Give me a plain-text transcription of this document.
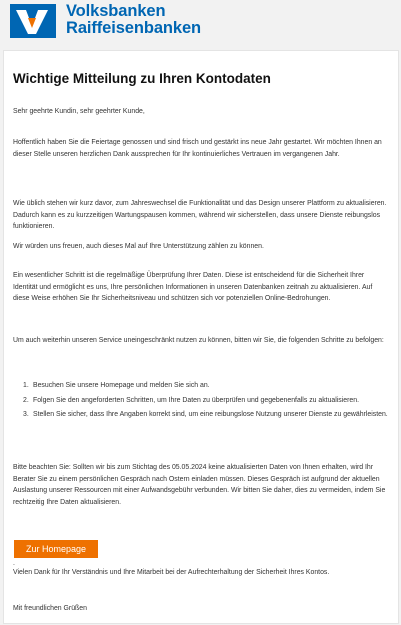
Volksbanken
Raiffeisenbanken
Wichtige Mitteilung zu Ihren Kontodaten

Sehr geehrte Kundin, sehr geehrter Kunde,

Hoffentlich haben Sie die Feiertage genossen und sind frisch und gestärkt ins neue Jahr gestartet. Wir möchten Ihnen an dieser Stelle unseren herzlichen Dank aussprechen für Ihr kontinuierliches Vertrauen im vergangenen Jahr.

Wie üblich stehen wir kurz davor, zum Jahreswechsel die Funktionalität und das Design unserer Plattform zu aktualisieren. Dadurch kann es zu kurzzeitigen Wartungspausen kommen, während wir sicherstellen, dass unsere Dienste reibungslos funktionieren.

Wir würden uns freuen, auch dieses Mal auf Ihre Unterstützung zählen zu können.

Ein wesentlicher Schritt ist die regelmäßige Überprüfung Ihrer Daten. Diese ist entscheidend für die Sicherheit Ihrer Identität und ermöglicht es uns, Ihre persönlichen Informationen in unseren Datenbanken zeitnah zu aktualisieren. Auf diese Weise erhöhen Sie Ihr Sicherheitsniveau und schützen sich vor potenziellen Online-Bedrohungen.

Um auch weiterhin unseren Service uneingeschränkt nutzen zu können, bitten wir Sie, die folgenden Schritte zu befolgen:

1. Besuchen Sie unsere Homepage und melden Sie sich an.
2. Folgen Sie den angeforderten Schritten, um Ihre Daten zu überprüfen und gegebenenfalls zu aktualisieren.
3. Stellen Sie sicher, dass Ihre Angaben korrekt sind, um eine reibungslose Nutzung unserer Dienste zu gewährleisten.

Bitte beachten Sie: Sollten wir bis zum Stichtag des 05.05.2024 keine aktualisierten Daten von Ihnen erhalten, wird Ihr Berater Sie zu einem persönlichen Gespräch nach Ostern einladen müssen. Dieses Gespräch ist aufgrund der aktuellen Auslastung unserer Ressourcen mit einer Aufwandsgebühr verbunden. Wir bitten Sie daher, dies zu vermeiden, indem Sie rechtzeitig Ihre Daten aktualisieren.

Zur Homepage

.

Vielen Dank für Ihr Verständnis und Ihre Mitarbeit bei der Aufrechterhaltung der Sicherheit Ihres Kontos.

Mit freundlichen Grüßen
